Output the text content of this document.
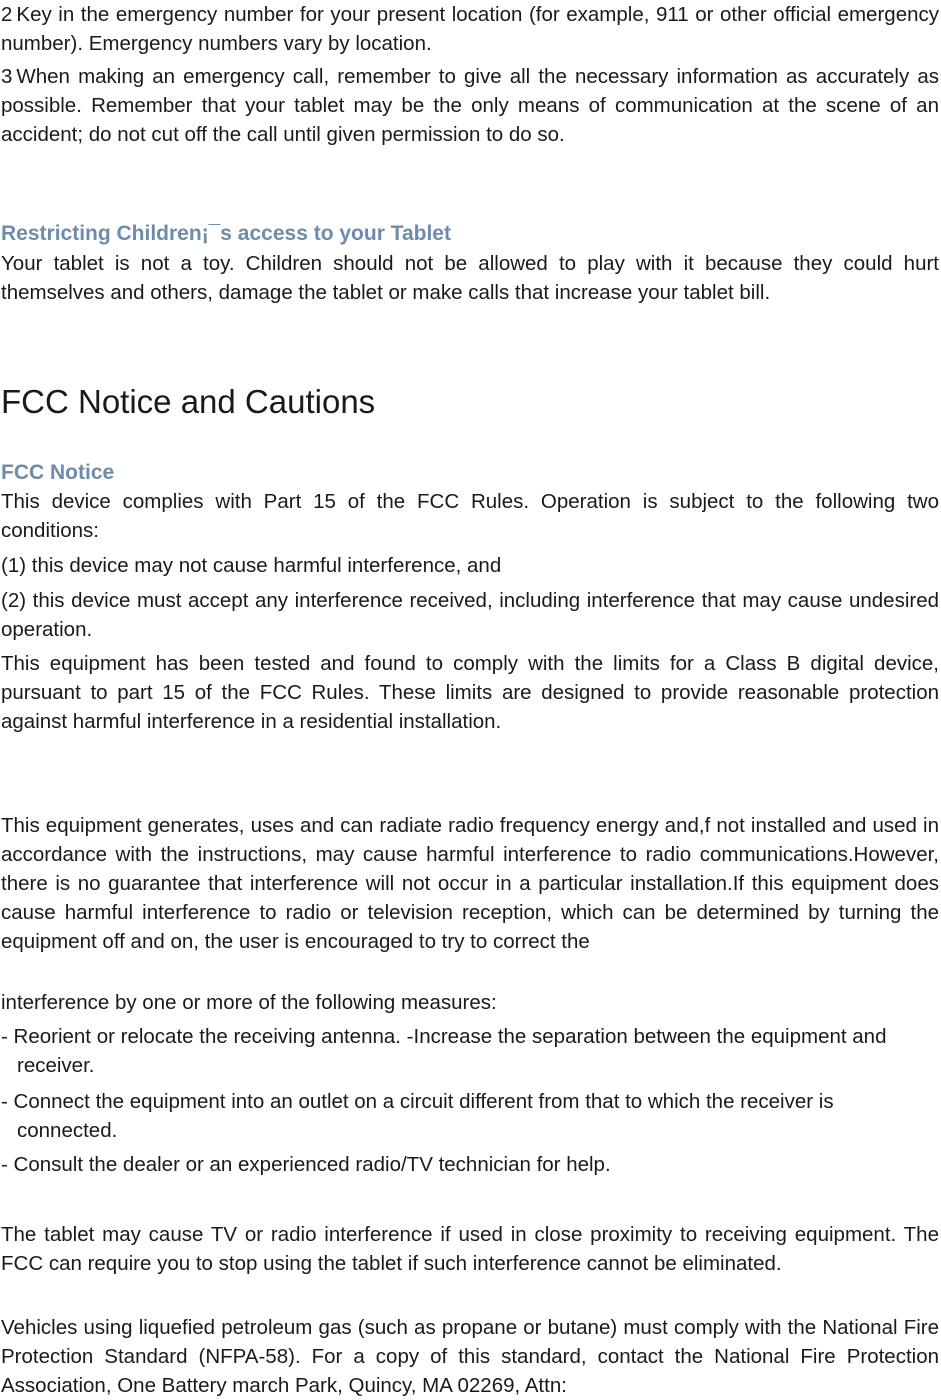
2 Key in the emergency number for your present location (for example, 911 or other official emergency number). Emergency numbers vary by location.

3 When making an emergency call, remember to give all the necessary information as accurately as possible. Remember that your tablet may be the only means of communication at the scene of an accident; do not cut off the call until given permission to do so.

Restricting Children¡¯s access to your Tablet

Your tablet is not a toy. Children should not be allowed to play with it because they could hurt themselves and others, damage the tablet or make calls that increase your tablet bill.

FCC Notice and Cautions
FCC Notice

This device complies with Part 15 of the FCC Rules. Operation is subject to the following two conditions:

(1) this device may not cause harmful interference, and

(2) this device must accept any interference received, including interference that may cause undesired operation.

This equipment has been tested and found to comply with the limits for a Class B digital device, pursuant to part 15 of the FCC Rules. These limits are designed to provide reasonable protection against harmful interference in a residential installation.

This equipment generates, uses and can radiate radio frequency energy and,f not installed and used in accordance with the instructions, may cause harmful interference to radio communications.However, there is no guarantee that interference will not occur in a particular installation.If this equipment does cause harmful interference to radio or television reception, which can be determined by turning the equipment off and on, the user is encouraged to try to correct the

interference by one or more of the following measures:

- Reorient or relocate the receiving antenna. -Increase the separation between the equipment and receiver.

- Connect the equipment into an outlet on a circuit different from that to which the receiver is connected.

- Consult the dealer or an experienced radio/TV technician for help.

The tablet may cause TV or radio interference if used in close proximity to receiving equipment. The FCC can require you to stop using the tablet if such interference cannot be eliminated.

Vehicles using liquefied petroleum gas (such as propane or butane) must comply with the National Fire Protection Standard (NFPA-58). For a copy of this standard, contact the National Fire Protection Association, One Battery march Park, Quincy, MA 02269, Attn:
